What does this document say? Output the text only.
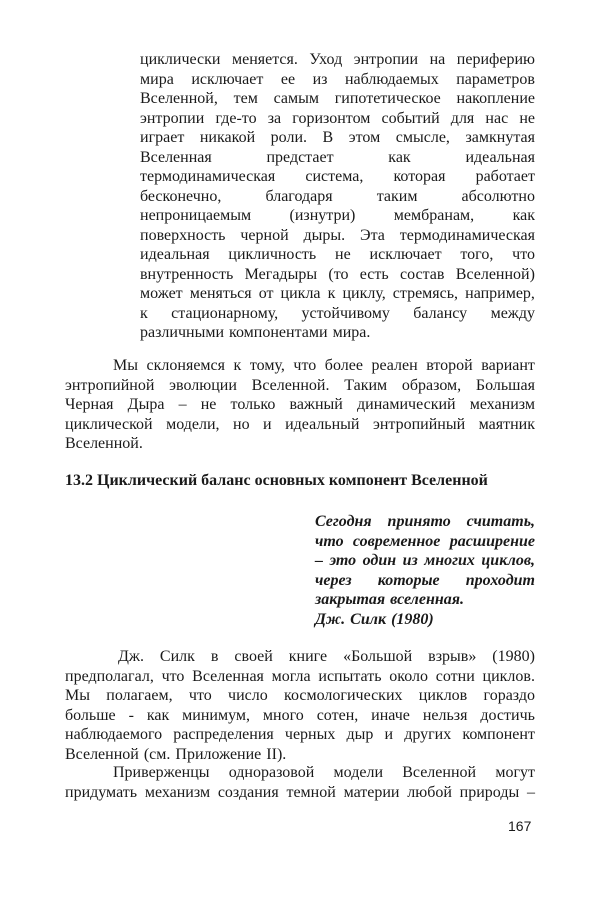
циклически меняется. Уход энтропии на периферию
мира исключает ее из наблюдаемых параметров
Вселенной, тем самым гипотетическое накопление
энтропии где-то за горизонтом событий для нас не
играет никакой роли. В этом смысле, замкнутая
Вселенная	предстает	как	идеальная
термодинамическая система, которая работает
бесконечно,	благодаря	таким	абсолютно
непроницаемым (изнутри) мембранам, как
поверхность черной дыры. Эта термодинамическая
идеальная цикличность не исключает того, что
внутренность Мегадыры (то есть состав Вселенной)
может меняться от цикла к циклу, стремясь, например,
к стационарному, устойчивому балансу между
различными компонентами мира.
Мы склоняемся к тому, что более реален второй вариант
энтропийной эволюции Вселенной. Таким образом, Большая
Черная Дыра – не только важный динамический механизм
циклической модели, но и идеальный энтропийный маятник
Вселенной.
13.2 Циклический баланс основных компонент Вселенной
Сегодня принято считать,
что современное расширение
– это один из многих циклов,
через которые проходит
закрытая вселенная.
Дж. Силк (1980)
Дж. Силк в своей книге «Большой взрыв» (1980)
предполагал, что Вселенная могла испытать около сотни циклов.
Мы полагаем, что число космологических циклов гораздо
больше - как минимум, много сотен, иначе нельзя достичь
наблюдаемого распределения черных дыр и других компонент
Вселенной (см. Приложение II).
Приверженцы одноразовой модели Вселенной могут
придумать механизм создания темной материи любой природы –
167
